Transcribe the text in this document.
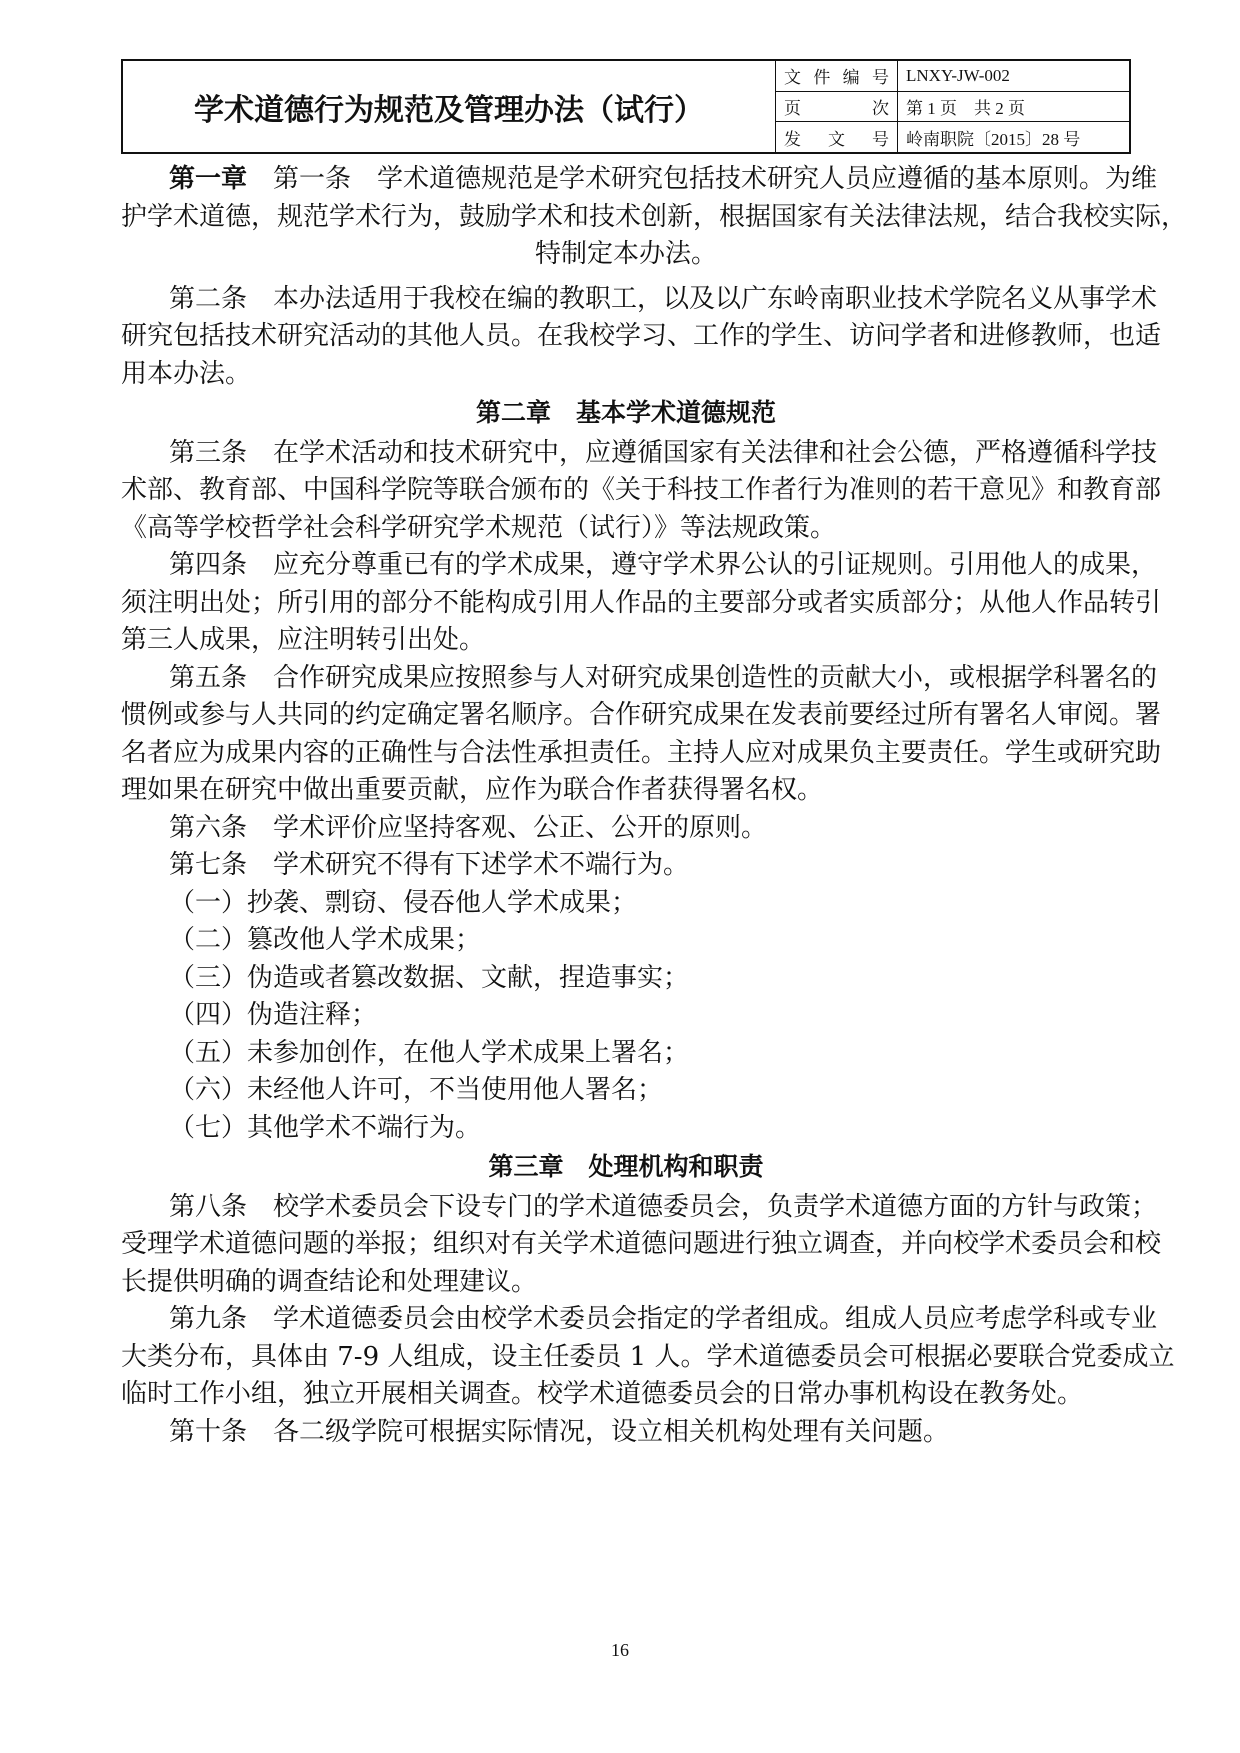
学术道德行为规范及管理办法（试行）
文件编号	LNXY-JW-002
页次	第 1 页　共 2 页
发文号	岭南职院〔2015〕28 号
第一章　第一条　学术道德规范是学术研究包括技术研究人员应遵循的基本原则。为维
护学术道德，规范学术行为，鼓励学术和技术创新，根据国家有关法律法规，结合我校实际，
特制定本办法。
第二条　本办法适用于我校在编的教职工，以及以广东岭南职业技术学院名义从事学术
研究包括技术研究活动的其他人员。在我校学习、工作的学生、访问学者和进修教师，也适
用本办法。
第二章　基本学术道德规范
第三条　在学术活动和技术研究中，应遵循国家有关法律和社会公德，严格遵循科学技
术部、教育部、中国科学院等联合颁布的《关于科技工作者行为准则的若干意见》和教育部
《高等学校哲学社会科学研究学术规范（试行）》等法规政策。
第四条　应充分尊重已有的学术成果，遵守学术界公认的引证规则。引用他人的成果，
须注明出处；所引用的部分不能构成引用人作品的主要部分或者实质部分；从他人作品转引
第三人成果，应注明转引出处。
第五条　合作研究成果应按照参与人对研究成果创造性的贡献大小，或根据学科署名的
惯例或参与人共同的约定确定署名顺序。合作研究成果在发表前要经过所有署名人审阅。署
名者应为成果内容的正确性与合法性承担责任。主持人应对成果负主要责任。学生或研究助
理如果在研究中做出重要贡献，应作为联合作者获得署名权。
第六条　学术评价应坚持客观、公正、公开的原则。
第七条　学术研究不得有下述学术不端行为。
（一）抄袭、剽窃、侵吞他人学术成果；
（二）篡改他人学术成果；
（三）伪造或者篡改数据、文献，捏造事实；
（四）伪造注释；
（五）未参加创作，在他人学术成果上署名；
（六）未经他人许可，不当使用他人署名；
（七）其他学术不端行为。
第三章　处理机构和职责
第八条　校学术委员会下设专门的学术道德委员会，负责学术道德方面的方针与政策；
受理学术道德问题的举报；组织对有关学术道德问题进行独立调查，并向校学术委员会和校
长提供明确的调查结论和处理建议。
第九条　学术道德委员会由校学术委员会指定的学者组成。组成人员应考虑学科或专业
大类分布，具体由 7-9 人组成，设主任委员 1 人。学术道德委员会可根据必要联合党委成立
临时工作小组，独立开展相关调查。校学术道德委员会的日常办事机构设在教务处。
第十条　各二级学院可根据实际情况，设立相关机构处理有关问题。
16
